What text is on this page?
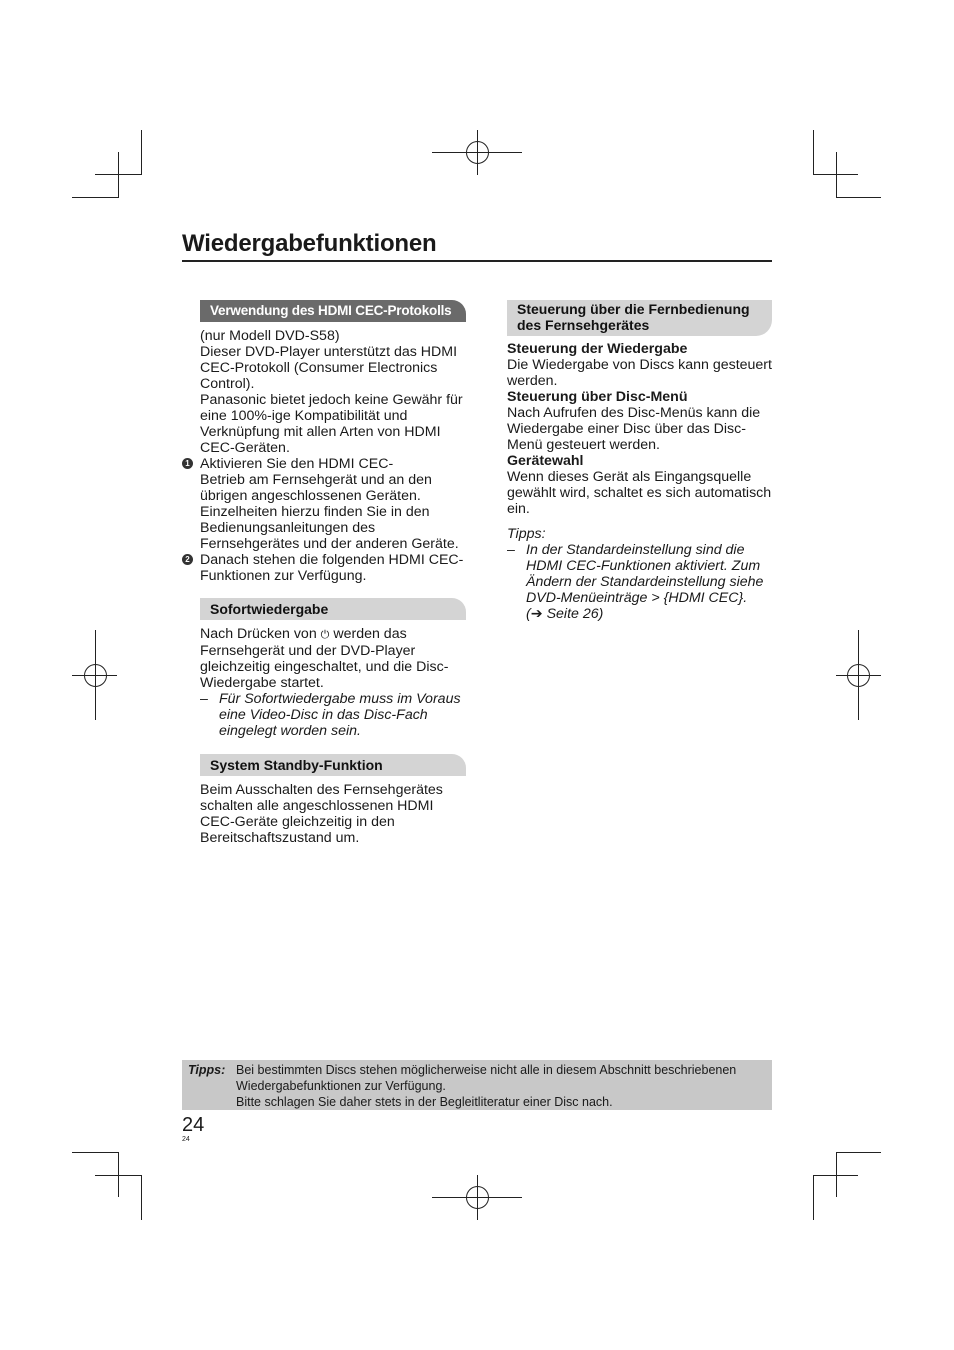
Wiedergabefunktionen
Verwendung des HDMI CEC-Protokolls

(nur Modell DVD-S58)
Dieser DVD-Player unterstützt das HDMI CEC-Protokoll (Consumer Electronics Control).
Panasonic bietet jedoch keine Gewähr für eine 100%-ige Kompatibilität und Verknüpfung mit allen Arten von HDMI CEC-Geräten.

1 Aktivieren Sie den HDMI CEC-
Betrieb am Fernsehgerät und an den übrigen angeschlossenen Geräten. Einzelheiten hierzu finden Sie in den Bedienungsanleitungen des Fernsehgerätes und der anderen Geräte.
2 Danach stehen die folgenden HDMI CEC-Funktionen zur Verfügung.
Sofortwiedergabe

Nach Drücken von ⏻ werden das Fernsehgerät und der DVD-Player gleichzeitig eingeschaltet, und die Disc-Wiedergabe startet.

– Für Sofortwiedergabe muss im Voraus eine Video-Disc in das Disc-Fach eingelegt worden sein.
System Standby-Funktion

Beim Ausschalten des Fernsehgerätes schalten alle angeschlossenen HDMI CEC-Geräte gleichzeitig in den Bereitschaftszustand um.

Steuerung über die Fernbedienung des Fernsehgerätes

Steuerung der Wiedergabe

Die Wiedergabe von Discs kann gesteuert werden.

Steuerung über Disc-Menü

Nach Aufrufen des Disc-Menüs kann die Wiedergabe einer Disc über das Disc-Menü gesteuert werden.

Gerätewahl

Wenn dieses Gerät als Eingangsquelle gewählt wird, schaltet es sich automatisch ein.

Tipps:

– In der Standardeinstellung sind die HDMI CEC-Funktionen aktiviert. Zum Ändern der Standardeinstellung siehe DVD-Menüeinträge > {HDMI CEC}.
(➔ Seite 26)
Tipps: Bei bestimmten Discs stehen möglicherweise nicht alle in diesem Abschnitt beschriebenen Wiedergabefunktionen zur Verfügung.
Bitte schlagen Sie daher stets in der Begleitliteratur einer Disc nach.
24
24
